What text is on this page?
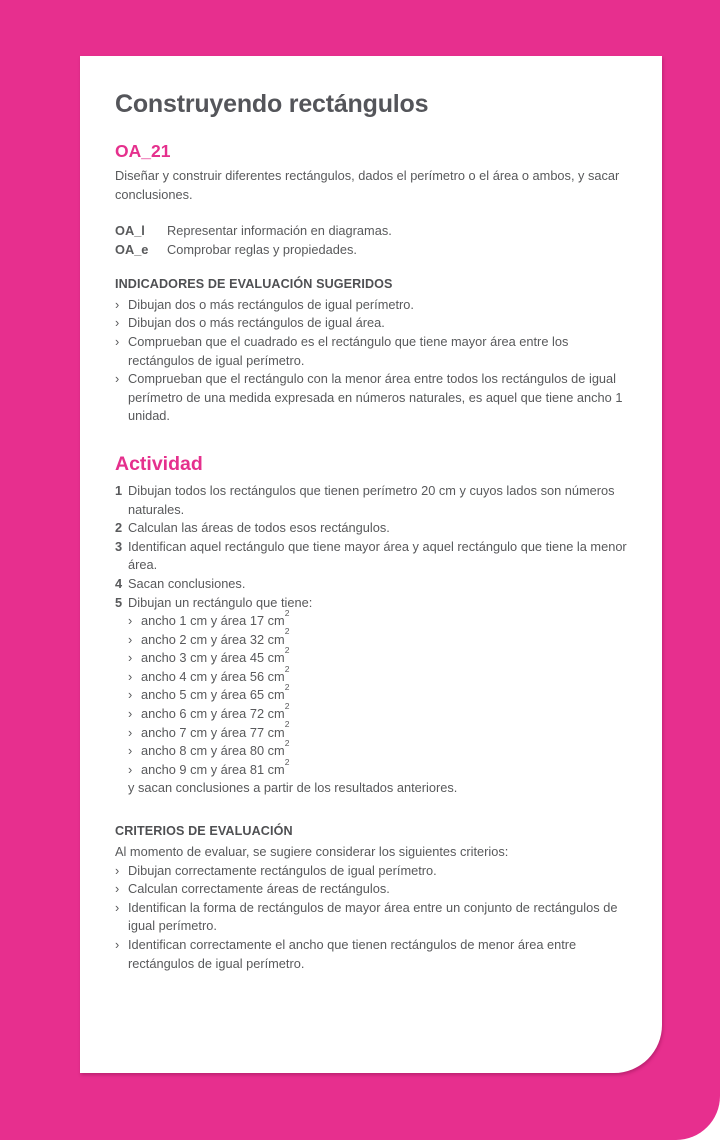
Construyendo rectángulos
OA_21

Diseñar y construir diferentes rectángulos, dados el perímetro o el área o ambos, y sacar conclusiones.

OA_l	Representar información en diagramas.
OA_e	Comprobar reglas y propiedades.
INDICADORES DE EVALUACIÓN SUGERIDOS
› Dibujan dos o más rectángulos de igual perímetro.
› Dibujan dos o más rectángulos de igual área.
› Comprueban que el cuadrado es el rectángulo que tiene mayor área entre los rectángulos de igual perímetro.
› Comprueban que el rectángulo con la menor área entre todos los rectángulos de igual perímetro de una medida expresada en números naturales, es aquel que tiene ancho 1 unidad.
Actividad
1 Dibujan todos los rectángulos que tienen perímetro 20 cm y cuyos lados son números naturales.
2 Calculan las áreas de todos esos rectángulos.
3 Identifican aquel rectángulo que tiene mayor área y aquel rectángulo que tiene la menor área.
4 Sacan conclusiones.
5 Dibujan un rectángulo que tiene:
› ancho 1 cm y área 17 $cm^2$
› ancho 2 cm y área 32 $cm^2$
› ancho 3 cm y área 45 $cm^2$
› ancho 4 cm y área 56 $cm^2$
› ancho 5 cm y área 65 $cm^2$
› ancho 6 cm y área 72 $cm^2$
› ancho 7 cm y área 77 $cm^2$
› ancho 8 cm y área 80 $cm^2$
› ancho 9 cm y área 81 $cm^2$

y sacan conclusiones a partir de los resultados anteriores.

CRITERIOS DE EVALUACIÓN

Al momento de evaluar, se sugiere considerar los siguientes criterios:

› Dibujan correctamente rectángulos de igual perímetro.
› Calculan correctamente áreas de rectángulos.
› Identifican la forma de rectángulos de mayor área entre un conjunto de rectángulos de igual perímetro.
› Identifican correctamente el ancho que tienen rectángulos de menor área entre rectángulos de igual perímetro.
